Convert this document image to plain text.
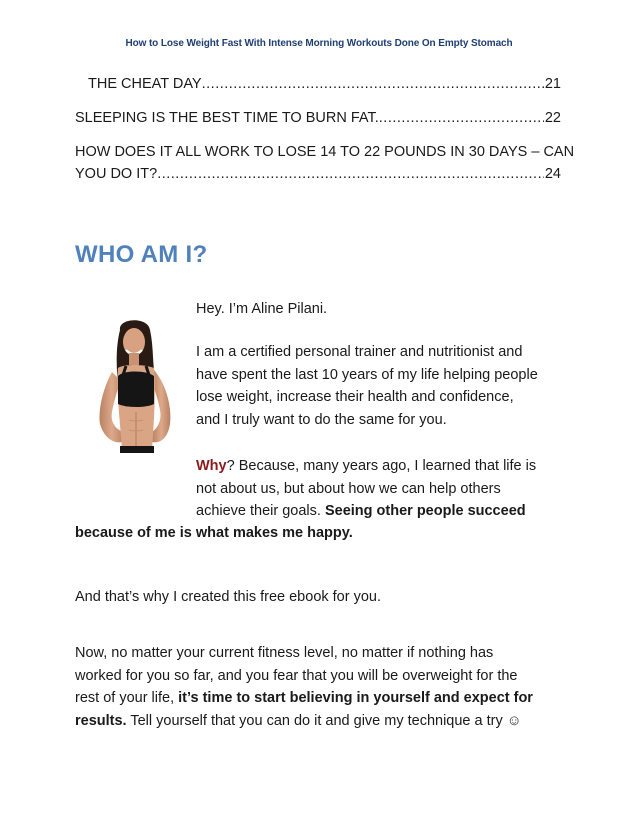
How to Lose Weight Fast With Intense Morning Workouts Done On Empty Stomach
THE CHEAT DAY .....	21
SLEEPING IS THE BEST TIME TO BURN FAT. .....	22
HOW DOES IT ALL WORK TO LOSE 14 TO 22 POUNDS IN 30 DAYS – CAN
YOU DO IT? .....	24
WHO AM I?
Hey. I’m Aline Pilani.
I am a certified personal trainer and nutritionist and
have spent the last 10 years of my life helping people
lose weight, increase their health and confidence,
and I truly want to do the same for you.
Why? Because, many years ago, I learned that life is
not about us, but about how we can help others
achieve their goals. Seeing other people succeed
because of me is what makes me happy.
And that’s why I created this free ebook for you.
Now, no matter your current fitness level, no matter if nothing has
worked for you so far, and you fear that you will be overweight for the
rest of your life, it’s time to start believing in yourself and expect for
results. Tell yourself that you can do it and give my technique a try ☺
